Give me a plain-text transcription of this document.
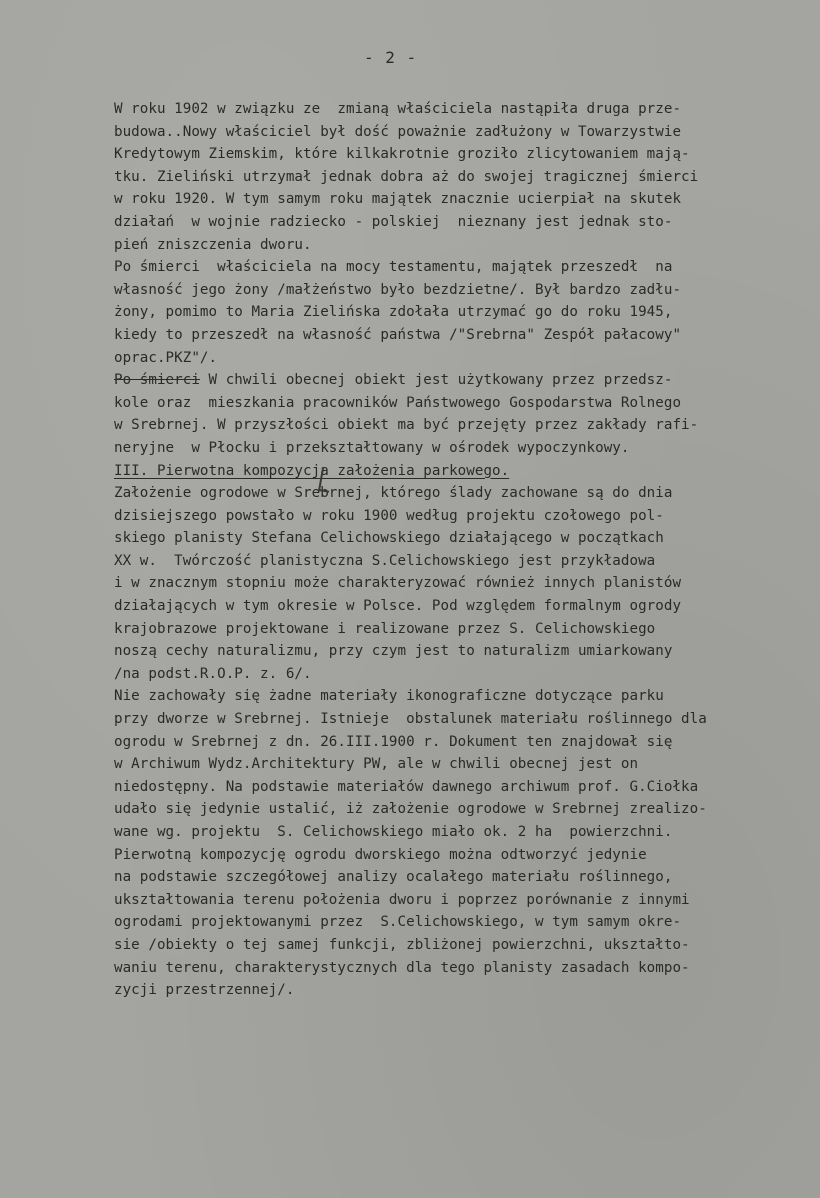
- 2 -
W roku 1902 w związku ze  zmianą właściciela nastąpiła druga prze-
budowa..Nowy właściciel był dość poważnie zadłużony w Towarzystwie
Kredytowym Ziemskim, które kilkakrotnie groziło zlicytowaniem mają-
tku. Zieliński utrzymał jednak dobra aż do swojej tragicznej śmierci
w roku 1920. W tym samym roku majątek znacznie ucierpiał na skutek
działań  w wojnie radziecko - polskiej  nieznany jest jednak sto-
pień zniszczenia dworu.
Po śmierci  właściciela na mocy testamentu, majątek przeszedł  na
własność jego żony /małżeństwo było bezdzietne/. Był bardzo zadłu-
żony, pomimo to Maria Zielińska zdołała utrzymać go do roku 1945,
kiedy to przeszedł na własność państwa /"Srebrna" Zespół pałacowy"
oprac.PKZ"/.
Po śmierci W chwili obecnej obiekt jest użytkowany przez przedsz-
kole oraz  mieszkania pracowników Państwowego Gospodarstwa Rolnego
w Srebrnej. W przyszłości obiekt ma być przejęty przez zakłady rafi-
neryjne  w Płocku i przekształtowany w ośrodek wypoczynkowy.
III. Pierwotna kompozycja założenia parkowego.
Założenie ogrodowe w Srebrnej, którego ślady zachowane są do dnia
dzisiejszego powstało w roku 1900 według projektu czołowego pol-
skiego planisty Stefana Celichowskiego działającego w początkach
XX w.  Twórczość planistyczna S.Celichowskiego jest przykładowa
i w znacznym stopniu może charakteryzować również innych planistów
działających w tym okresie w Polsce. Pod względem formalnym ogrody
krajobrazowe projektowane i realizowane przez S. Celichowskiego
noszą cechy naturalizmu, przy czym jest to naturalizm umiarkowany
/na podst.R.O.P. z. 6/.
Nie zachowały się żadne materiały ikonograficzne dotyczące parku
przy dworze w Srebrnej. Istnieje  obstalunek materiału roślinnego dla
ogrodu w Srebrnej z dn. 26.III.1900 r. Dokument ten znajdował się
w Archiwum Wydz.Architektury PW, ale w chwili obecnej jest on
niedostępny. Na podstawie materiałów dawnego archiwum prof. G.Ciołka
udało się jedynie ustalić, iż założenie ogrodowe w Srebrnej zrealizo-
wane wg. projektu  S. Celichowskiego miało ok. 2 ha  powierzchni.
Pierwotną kompozycję ogrodu dworskiego można odtworzyć jedynie
na podstawie szczegółowej analizy ocalałego materiału roślinnego,
ukształtowania terenu położenia dworu i poprzez porównanie z innymi
ogrodami projektowanymi przez  S.Celichowskiego, w tym samym okre-
sie /obiekty o tej samej funkcji, zbliżonej powierzchni, ukształto-
waniu terenu, charakterystycznych dla tego planisty zasadach kompo-
zycji przestrzennej/.
